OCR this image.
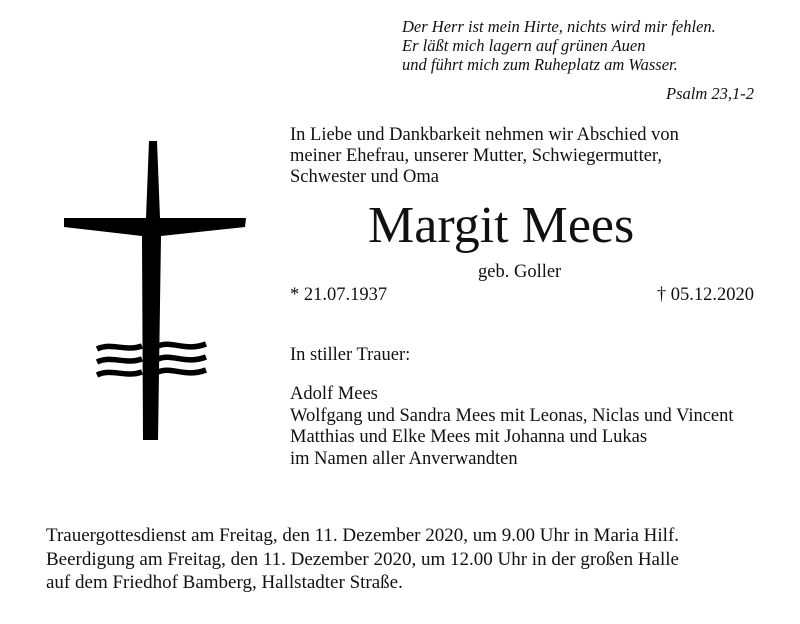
Der Herr ist mein Hirte, nichts wird mir fehlen.
Er läßt mich lagern auf grünen Auen
und führt mich zum Ruheplatz am Wasser.
Psalm 23,1-2
In Liebe und Dankbarkeit nehmen wir Abschied von
meiner Ehefrau, unserer Mutter, Schwiegermutter,
Schwester und Oma
Margit Mees
geb. Goller
* 21.07.1937	† 05.12.2020
In stiller Trauer:
Adolf Mees
Wolfgang und Sandra Mees mit Leonas, Niclas und Vincent
Matthias und Elke Mees mit Johanna und Lukas
im Namen aller Anverwandten
Trauergottesdienst am Freitag, den 11. Dezember 2020, um 9.00 Uhr in Maria Hilf.
Beerdigung am Freitag, den 11. Dezember 2020, um 12.00 Uhr in der großen Halle
auf dem Friedhof Bamberg, Hallstadter Straße.
